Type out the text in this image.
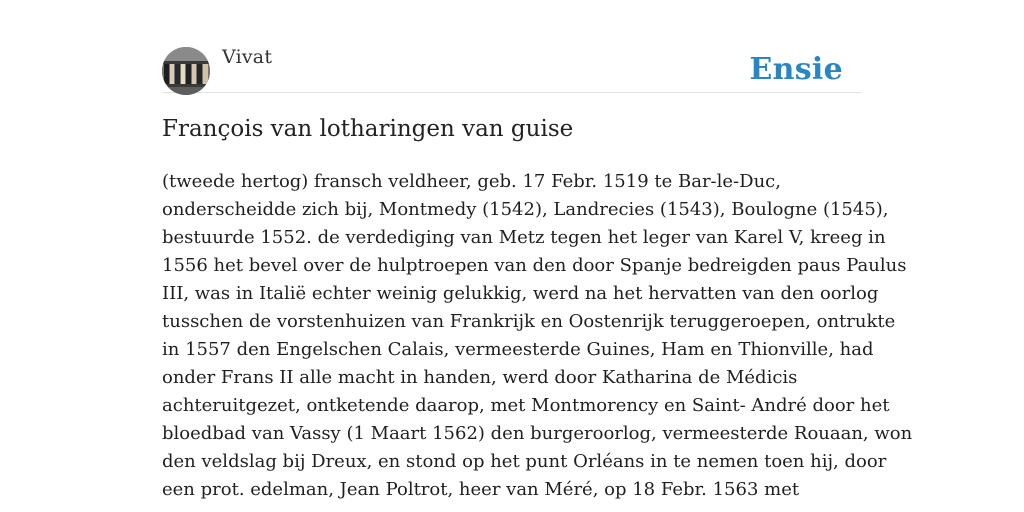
Vivat	Ensie
François van lotharingen van guise
(tweede hertog) fransch veldheer, geb. 17 Febr. 1519 te Bar-le-Duc,
onderscheidde zich bij, Montmedy (1542), Landrecies (1543), Boulogne (1545),
bestuurde 1552. de verdediging van Metz tegen het leger van Karel V, kreeg in
1556 het bevel over de hulptroepen van den door Spanje bedreigden paus Paulus
III, was in Italië echter weinig gelukkig, werd na het hervatten van den oorlog
tusschen de vorstenhuizen van Frankrijk en Oostenrijk teruggeroepen, ontrukte
in 1557 den Engelschen Calais, vermeesterde Guines, Ham en Thionville, had
onder Frans II alle macht in handen, werd door Katharina de Médicis
achteruitgezet, ontketende daarop, met Montmorency en Saint- André door het
bloedbad van Vassy (1 Maart 1562) den burgeroorlog, vermeesterde Rouaan, won
den veldslag bij Dreux, en stond op het punt Orléans in te nemen toen hij, door
een prot. edelman, Jean Poltrot, heer van Méré, op 18 Febr. 1563 met
